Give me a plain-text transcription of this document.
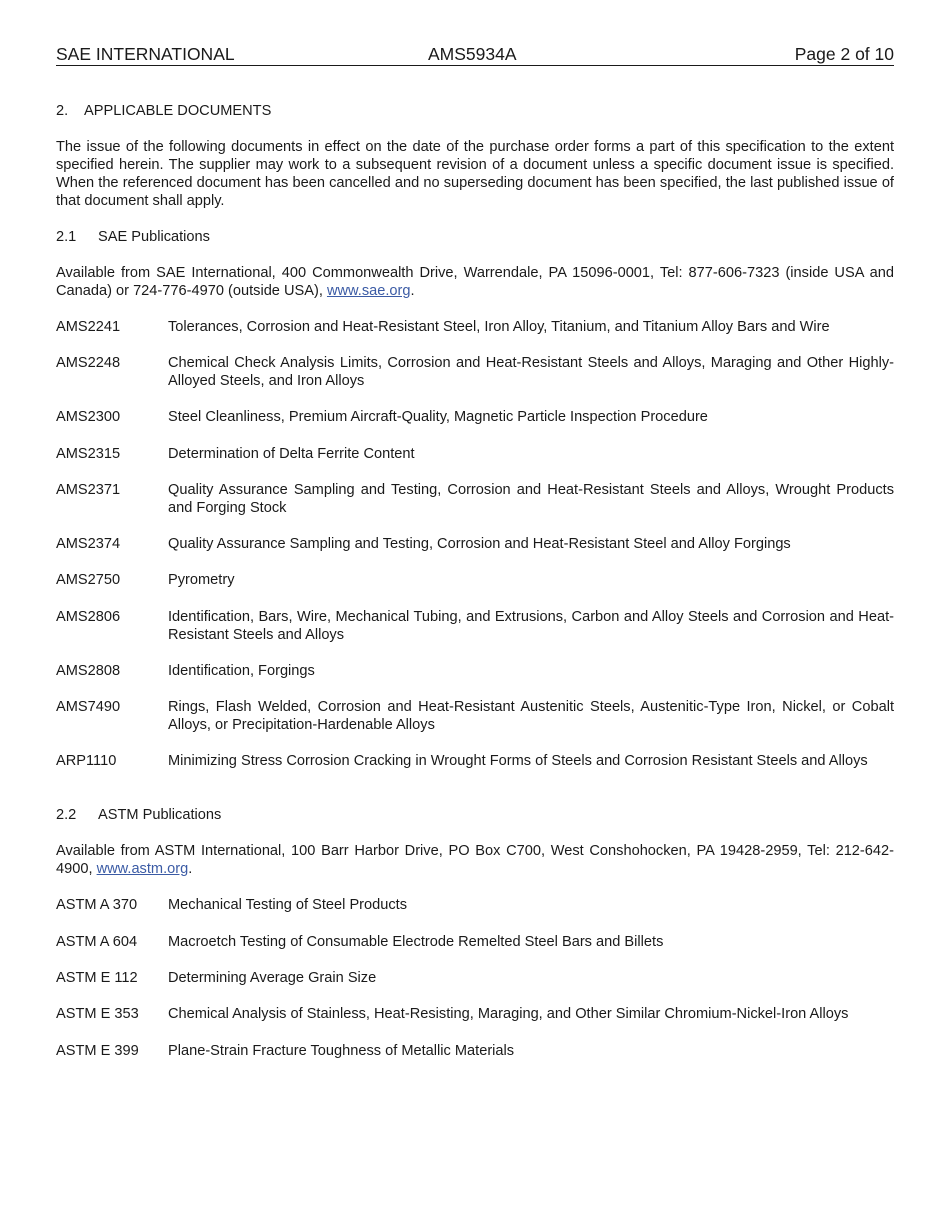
SAE INTERNATIONAL	AMS5934A	Page 2 of 10
2. APPLICABLE DOCUMENTS
The issue of the following documents in effect on the date of the purchase order forms a part of this specification to the extent specified herein. The supplier may work to a subsequent revision of a document unless a specific document issue is specified. When the referenced document has been cancelled and no superseding document has been specified, the last published issue of that document shall apply.
2.1 SAE Publications
Available from SAE International, 400 Commonwealth Drive, Warrendale, PA 15096-0001, Tel: 877-606-7323 (inside USA and Canada) or 724-776-4970 (outside USA), www.sae.org.
AMS2241	Tolerances, Corrosion and Heat-Resistant Steel, Iron Alloy, Titanium, and Titanium Alloy Bars and Wire
AMS2248	Chemical Check Analysis Limits, Corrosion and Heat-Resistant Steels and Alloys, Maraging and Other Highly-Alloyed Steels, and Iron Alloys
AMS2300	Steel Cleanliness, Premium Aircraft-Quality, Magnetic Particle Inspection Procedure
AMS2315	Determination of Delta Ferrite Content
AMS2371	Quality Assurance Sampling and Testing, Corrosion and Heat-Resistant Steels and Alloys, Wrought Products and Forging Stock
AMS2374	Quality Assurance Sampling and Testing, Corrosion and Heat-Resistant Steel and Alloy Forgings
AMS2750	Pyrometry
AMS2806	Identification, Bars, Wire, Mechanical Tubing, and Extrusions, Carbon and Alloy Steels and Corrosion and Heat-Resistant Steels and Alloys
AMS2808	Identification, Forgings
AMS7490	Rings, Flash Welded, Corrosion and Heat-Resistant Austenitic Steels, Austenitic-Type Iron, Nickel, or Cobalt Alloys, or Precipitation-Hardenable Alloys
ARP1110	Minimizing Stress Corrosion Cracking in Wrought Forms of Steels and Corrosion Resistant Steels and Alloys
2.2 ASTM Publications
Available from ASTM International, 100 Barr Harbor Drive, PO Box C700, West Conshohocken, PA 19428-2959, Tel: 212-642-4900, www.astm.org.
ASTM A 370	Mechanical Testing of Steel Products
ASTM A 604	Macroetch Testing of Consumable Electrode Remelted Steel Bars and Billets
ASTM E 112	Determining Average Grain Size
ASTM E 353	Chemical Analysis of Stainless, Heat-Resisting, Maraging, and Other Similar Chromium-Nickel-Iron Alloys
ASTM E 399	Plane-Strain Fracture Toughness of Metallic Materials
